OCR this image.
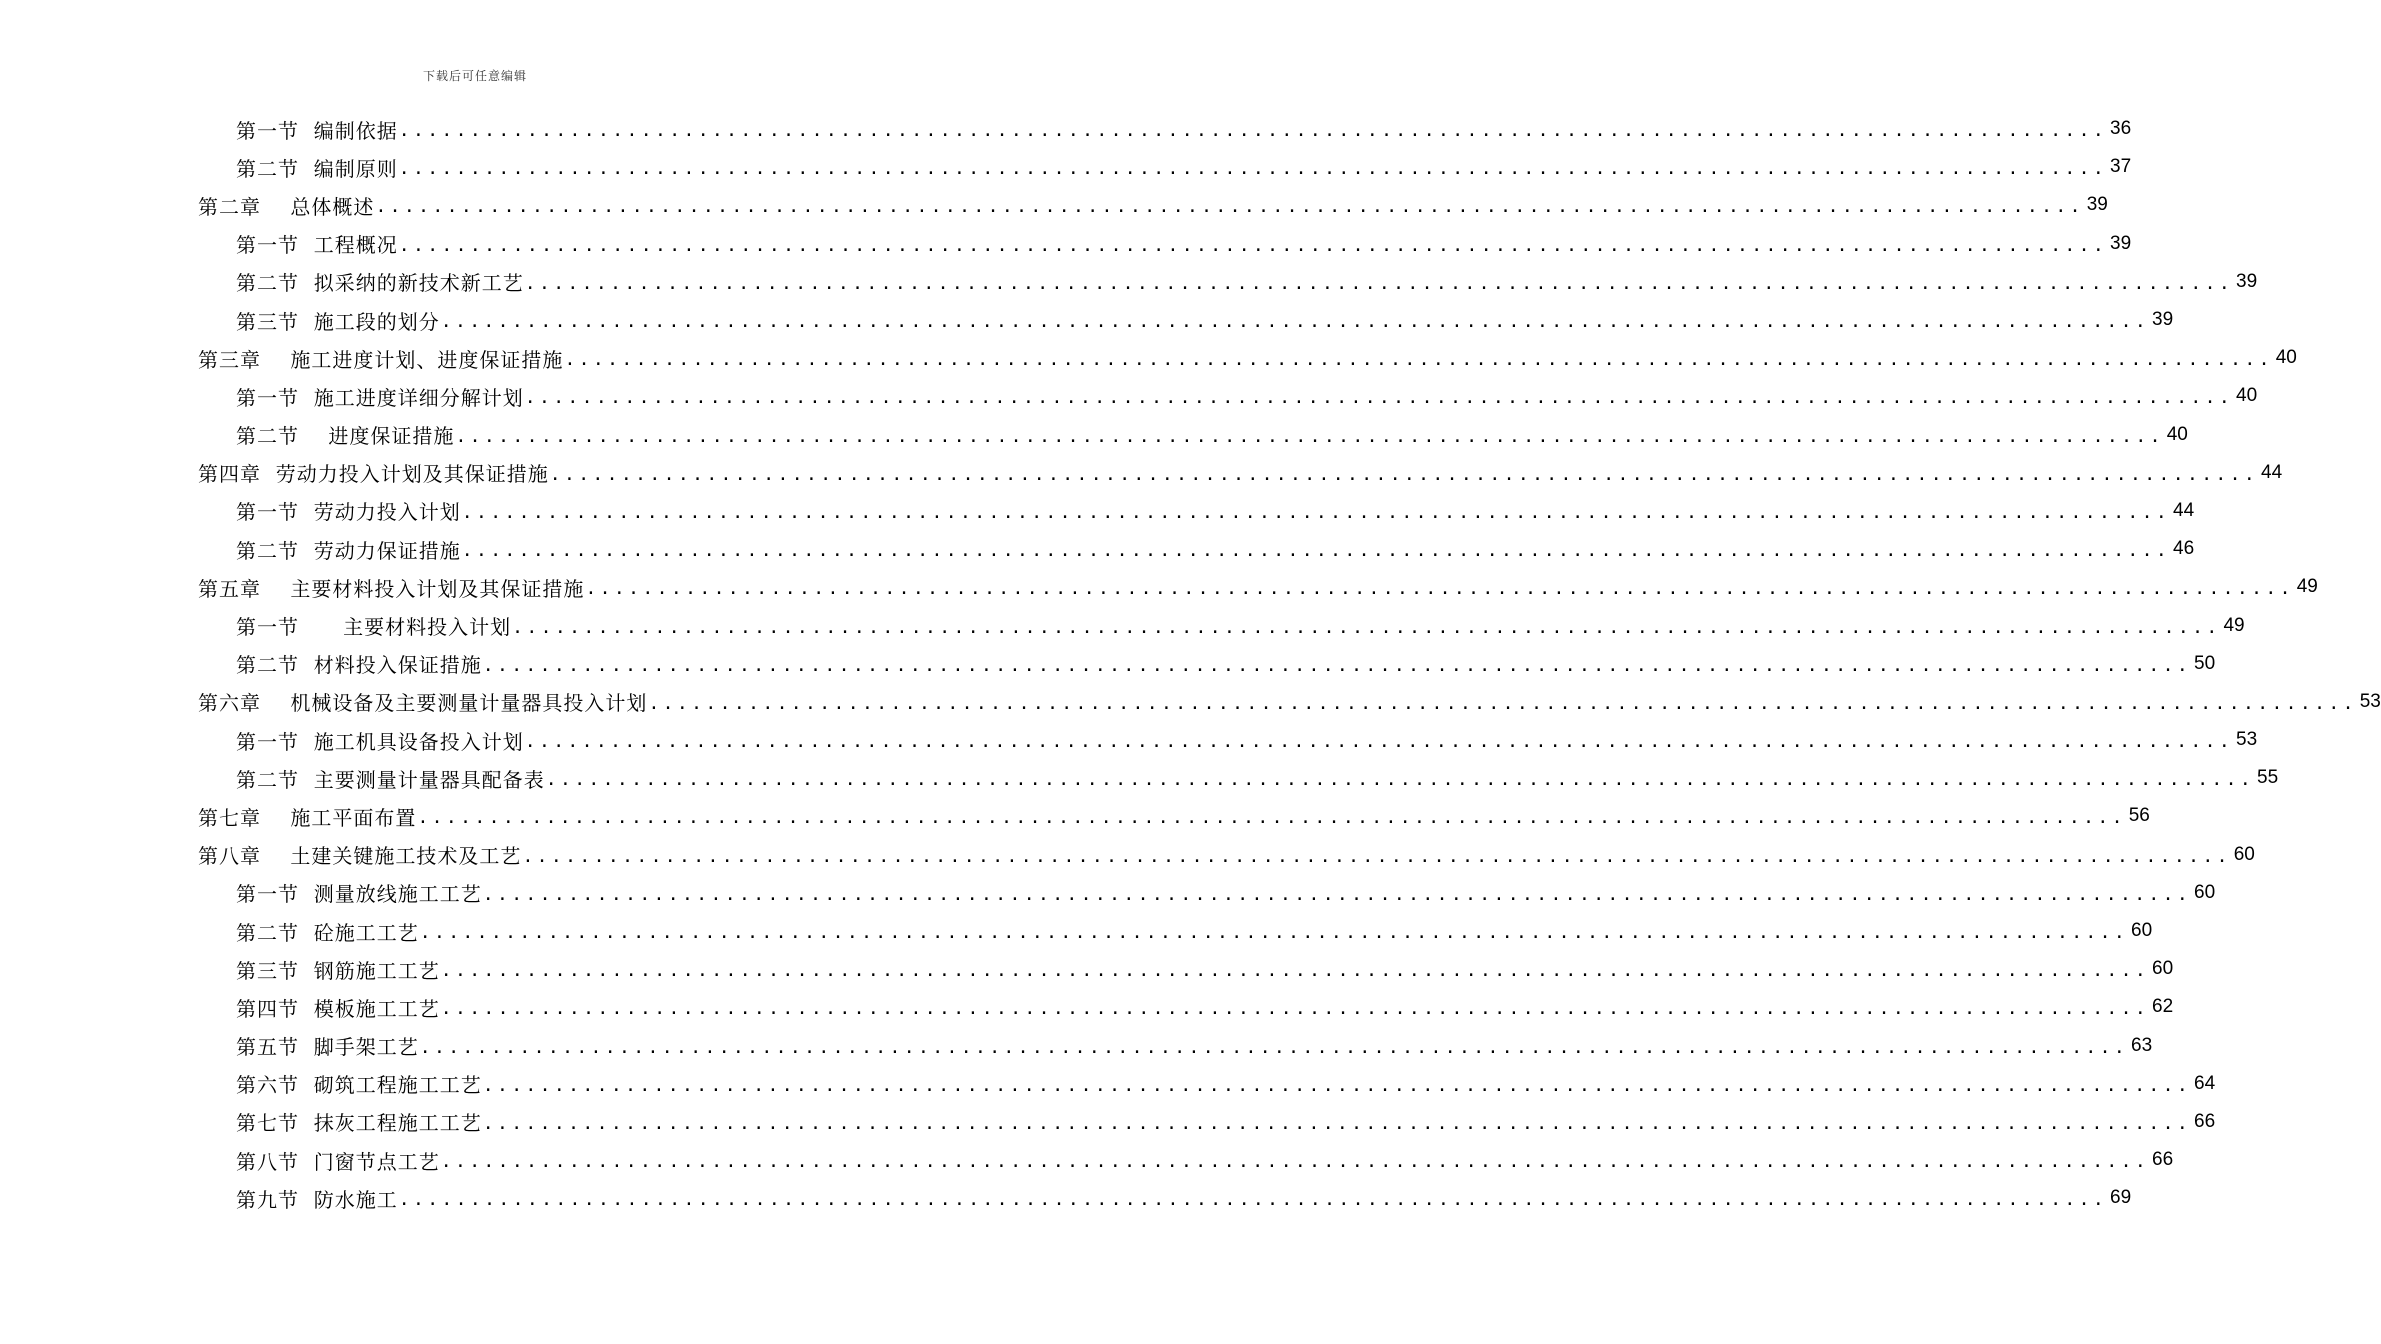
下载后可任意编辑
第一节  编制依据 ........................................................................................................................ 36
第二节  编制原则 ........................................................................................................................ 37
第二章    总体概述 ........................................................................................................................ 39
第一节  工程概况 ........................................................................................................................ 39
第二节  拟采纳的新技术新工艺 ........................................................................................................................ 39
第三节  施工段的划分 ........................................................................................................................ 39
第三章    施工进度计划、进度保证措施 ........................................................................................................................ 40
第一节  施工进度详细分解计划 ........................................................................................................................ 40
第二节    进度保证措施 ........................................................................................................................ 40
第四章  劳动力投入计划及其保证措施 ........................................................................................................................ 44
第一节  劳动力投入计划 ........................................................................................................................ 44
第二节  劳动力保证措施 ........................................................................................................................ 46
第五章    主要材料投入计划及其保证措施 ........................................................................................................................ 49
第一节      主要材料投入计划 ........................................................................................................................ 49
第二节  材料投入保证措施 ........................................................................................................................ 50
第六章    机械设备及主要测量计量器具投入计划 ........................................................................................................................ 53
第一节  施工机具设备投入计划 ........................................................................................................................ 53
第二节  主要测量计量器具配备表 ........................................................................................................................ 55
第七章    施工平面布置 ........................................................................................................................ 56
第八章    土建关键施工技术及工艺 ........................................................................................................................ 60
第一节  测量放线施工工艺 ........................................................................................................................ 60
第二节  砼施工工艺 ........................................................................................................................ 60
第三节  钢筋施工工艺 ........................................................................................................................ 60
第四节  模板施工工艺 ........................................................................................................................ 62
第五节  脚手架工艺 ........................................................................................................................ 63
第六节  砌筑工程施工工艺 ........................................................................................................................ 64
第七节  抹灰工程施工工艺 ........................................................................................................................ 66
第八节  门窗节点工艺 ........................................................................................................................ 66
第九节  防水施工 ........................................................................................................................ 69
